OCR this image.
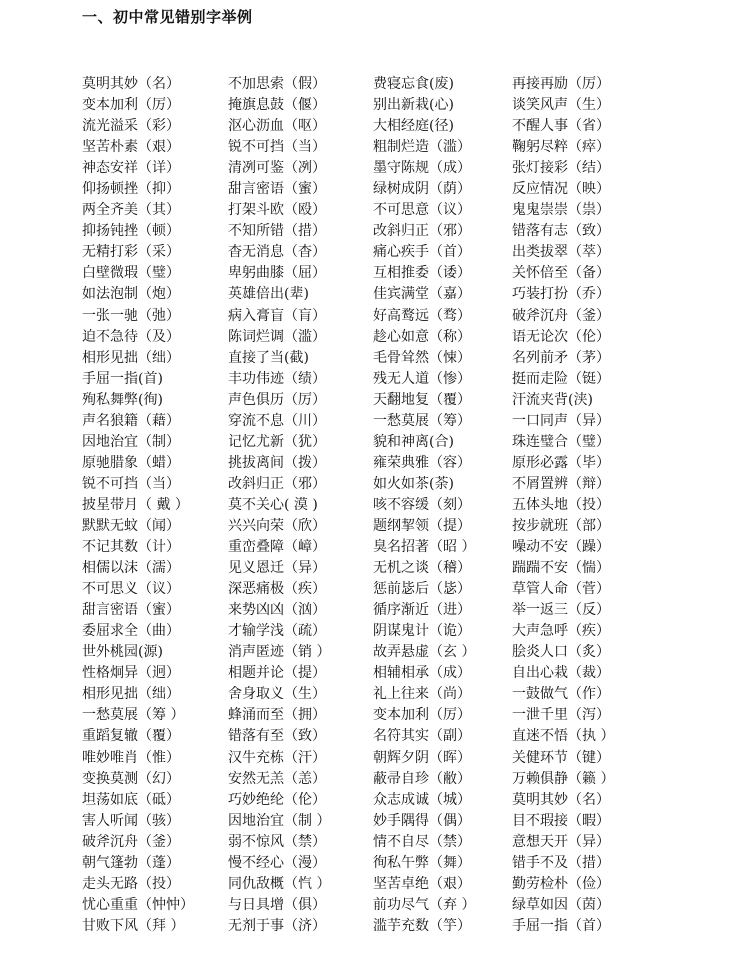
一、初中常见错别字举例
莫明其妙（名）	不加思索（假）	费寝忘食(废)	再接再励（厉）
变本加利（厉）	掩旗息鼓（偃）	别出新栽(心)	谈笑风声（生）
流光溢采（彩）	沤心沥血（呕）	大相经庭(径)	不醒人事（省）
坚苦朴素（艰）	锐不可挡（当）	粗制烂造（滥）	鞠躬尽粹（瘁）
神态安祥（详）	清冽可鉴（冽）	墨守陈规（成）	张灯接彩（结）
仰扬顿挫（抑）	甜言密语（蜜）	绿树成阴（荫）	反应情况（映）
两全齐美（其）	打架斗欧（殴）	不可思意（议）	鬼鬼崇崇（祟）
抑扬钝挫（顿）	不知所错（措）	改斜归正（邪）	错落有志（致）
无精打彩（采）	杳无消息（杳）	痛心疾手（首）	出类拔翠（萃）
白壁微瑕（璧）	卑躬曲膝（屈）	互相推委（诿）	关怀倍至（备）
如法泡制（炮）	英雄倍出(辈)	佳宾满堂（嘉）	巧装打扮（乔）
一张一驰（弛）	病入膏盲（肓）	好高鹜远（骛）	破斧沉舟（釜）
迫不急待（及）	陈词烂调（滥）	趁心如意（称）	语无论次（伦）
相形见拙（绌）	直接了当(截)	毛骨耸然（悚）	名列前矛（茅）
手屈一指(首)	丰功伟迹（绩）	残无人道（惨）	挺而走险（铤）
殉私舞弊(徇)	声色俱历（厉）	天翻地复（覆）	汗流夹背(浃)
声名狼籍（藉）	穿流不息（川）	一愁莫展（筹）	一口同声（异）
因地治宜（制）	记忆尤新（犹）	貌和神离(合)	珠连璧合（璧）
原驰腊象（蜡）	挑拔离间（拨）	雍荣典雅（容）	原形必露（毕）
锐不可挡（当）	改斜归正（邪）	如火如茶(荼)	不屑置辨（辩）
披星带月（ 戴 ）	莫不关心( 漠 )	咳不容缓（刻）	五体头地（投）
默默无蚊（闻）	兴兴向荣（欣）	题纲挈领（提）	按步就班（部）
不记其数（计）	重峦叠障（嶂）	臭名招著（昭 ）	噪动不安（躁）
相儒以沫（濡）	见义恩迁（异）	无机之谈（稽）	踹踹不安（惴）
不可思义（议）	深恶痛极（疾）	惩前毖后（毖）	草管人命（菅）
甜言密语（蜜）	来势凶凶（汹）	循序渐近（进）	举一返三（反）
委屈求全（曲）	才输学浅（疏）	阴谋鬼计（诡）	大声急呼（疾）
世外桃园(源)	消声匿迹（销 ）	故弄悬虚（玄 ）	脍炎人口（炙）
性格炯异（迥）	相题并论（提）	相辅相承（成）	自出心栽（裁）
相形见拙（绌）	舍身取义（生）	礼上往来（尚）	一鼓做气（作）
一愁莫展（筹 ）	蜂涌而至（拥）	变本加利（厉）	一泄千里（泻）
重蹈复辙（覆）	错落有至（致）	名符其实（副）	直迷不悟（执 ）
唯妙唯肖（惟）	汉牛充栋（汗）	朝辉夕阴（晖）	关健环节（键）
变换莫测（幻）	安然无羔（恙）	蔽帚自珍（敝）	万赖俱静（籁 ）
坦荡如底（砥）	巧妙绝纶（伦）	众志成诚（城）	莫明其妙（名）
害人听闻（骇）	因地治宜（制 ）	妙手隅得（偶）	目不瑕接（暇）
破斧沉舟（釜）	弱不惊风（禁）	情不自尽（禁）	意想天开（异）
朝气篷勃（蓬）	慢不经心（漫）	徇私午弊（舞）	错手不及（措）
走头无路（投）	同仇敌概（忾 ）	坚苦卓绝（艰）	勤劳检朴（俭）
忧心重重（忡忡）	与日具增（俱）	前功尽气（弃 ）	绿草如因（茵）
甘败下风（拜 ）	无剂于事（济）	滥芋充数（竽）	手屈一指（首）
